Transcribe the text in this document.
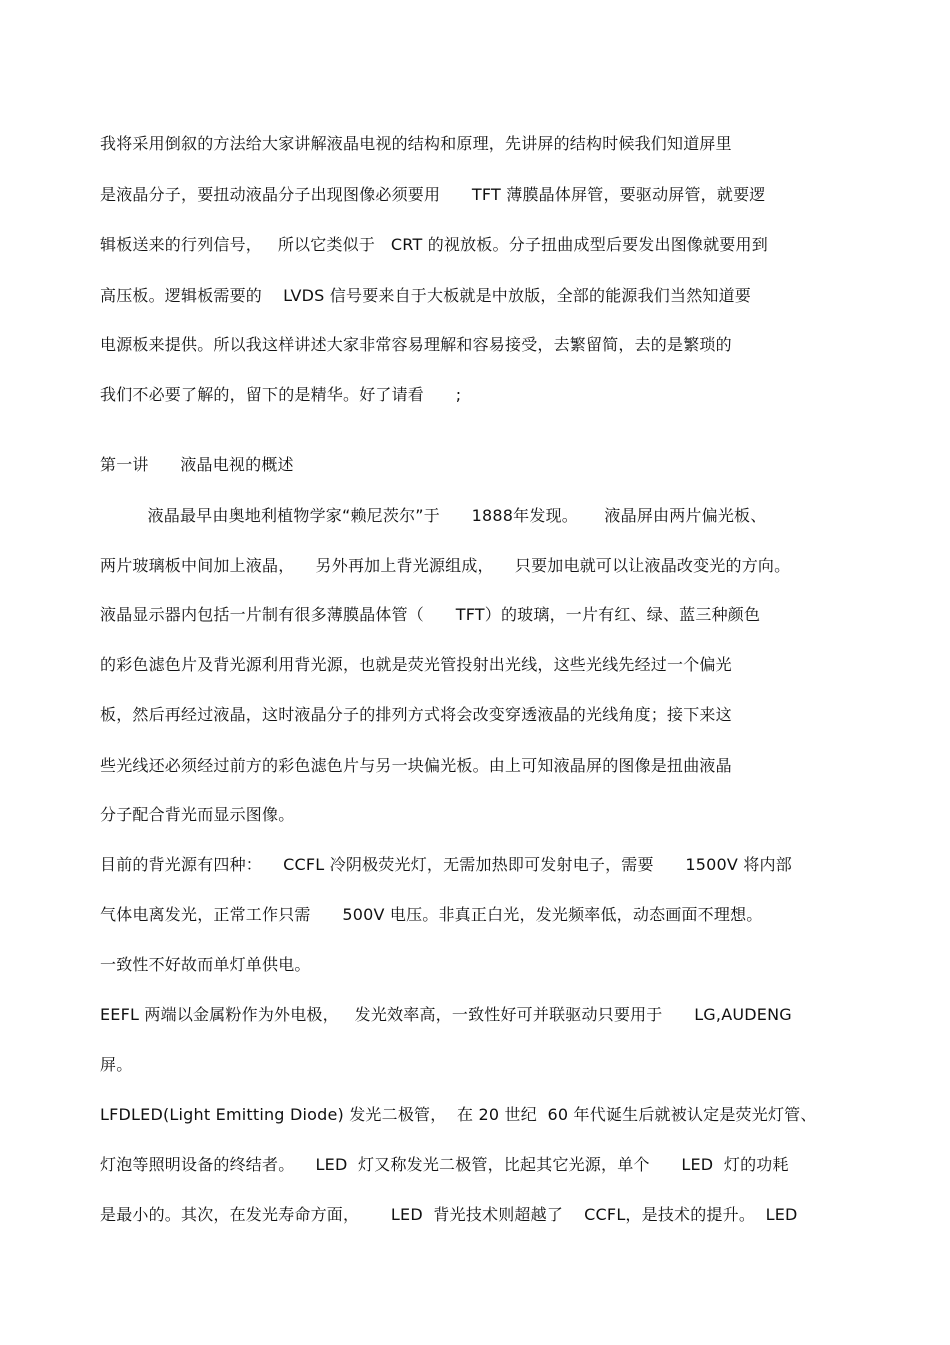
我将采用倒叙的方法给大家讲解液晶电视的结构和原理，先讲屏的结构时候我们知道屏里
是液晶分子，要扭动液晶分子出现图像必须要用      TFT 薄膜晶体屏管，要驱动屏管，就要逻
辑板送来的行列信号，   所以它类似于   CRT 的视放板。分子扭曲成型后要发出图像就要用到
高压板。逻辑板需要的    LVDS 信号要来自于大板就是中放版，全部的能源我们当然知道要
电源板来提供。所以我这样讲述大家非常容易理解和容易接受，去繁留简，去的是繁琐的
我们不必要了解的，留下的是精华。好了请看      ;
第一讲      液晶电视的概述
液晶最早由奥地利植物学家“赖尼茨尔”于      1888年发现。     液晶屏由两片偏光板、
两片玻璃板中间加上液晶，    另外再加上背光源组成，    只要加电就可以让液晶改变光的方向。
液晶显示器内包括一片制有很多薄膜晶体管（      TFT）的玻璃，一片有红、绿、蓝三种颜色
的彩色滤色片及背光源利用背光源，也就是荧光管投射出光线，这些光线先经过一个偏光
板，然后再经过液晶，这时液晶分子的排列方式将会改变穿透液晶的光线角度；接下来这
些光线还必须经过前方的彩色滤色片与另一块偏光板。由上可知液晶屏的图像是扭曲液晶
分子配合背光而显示图像。
目前的背光源有四种：    CCFL 冷阴极荧光灯，无需加热即可发射电子，需要      1500V 将内部
气体电离发光，正常工作只需      500V 电压。非真正白光，发光频率低，动态画面不理想。
一致性不好故而单灯单供电。
EEFL 两端以金属粉作为外电极，   发光效率高，一致性好可并联驱动只要用于      LG,AUDENG
屏。
LFDLED(Light Emitting Diode) 发光二极管，  在 20 世纪  60 年代诞生后就被认定是荧光灯管、
灯泡等照明设备的终结者。    LED  灯又称发光二极管，比起其它光源，单个      LED  灯的功耗
是最小的。其次，在发光寿命方面，      LED  背光技术则超越了    CCFL，是技术的提升。  LED
